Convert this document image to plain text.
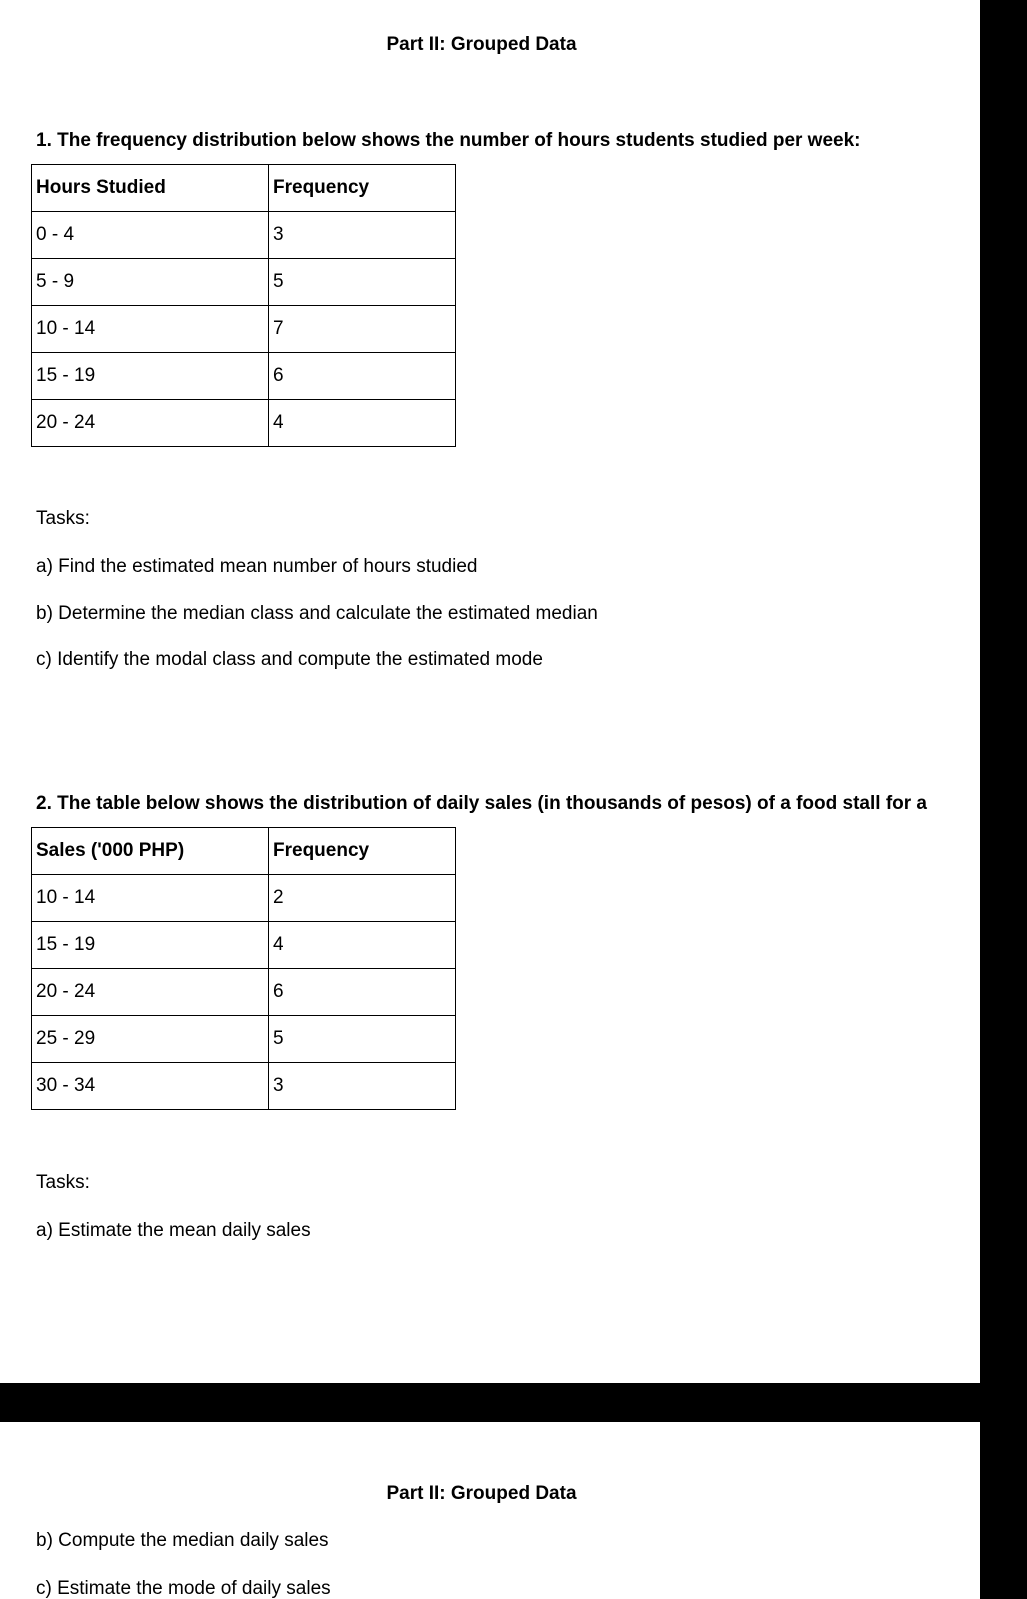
Part II: Grouped Data
1. The frequency distribution below shows the number of hours students studied per week:
Hours Studied	Frequency
0 - 4	3
5 - 9	5
10 - 14	7
15 - 19	6
20 - 24	4
Tasks:
a) Find the estimated mean number of hours studied
b) Determine the median class and calculate the estimated median
c) Identify the modal class and compute the estimated mode
2. The table below shows the distribution of daily sales (in thousands of pesos) of a food stall for a
Sales ('000 PHP)	Frequency
10 - 14	2
15 - 19	4
20 - 24	6
25 - 29	5
30 - 34	3
Tasks:
a) Estimate the mean daily sales
Part II: Grouped Data
b) Compute the median daily sales
c) Estimate the mode of daily sales
